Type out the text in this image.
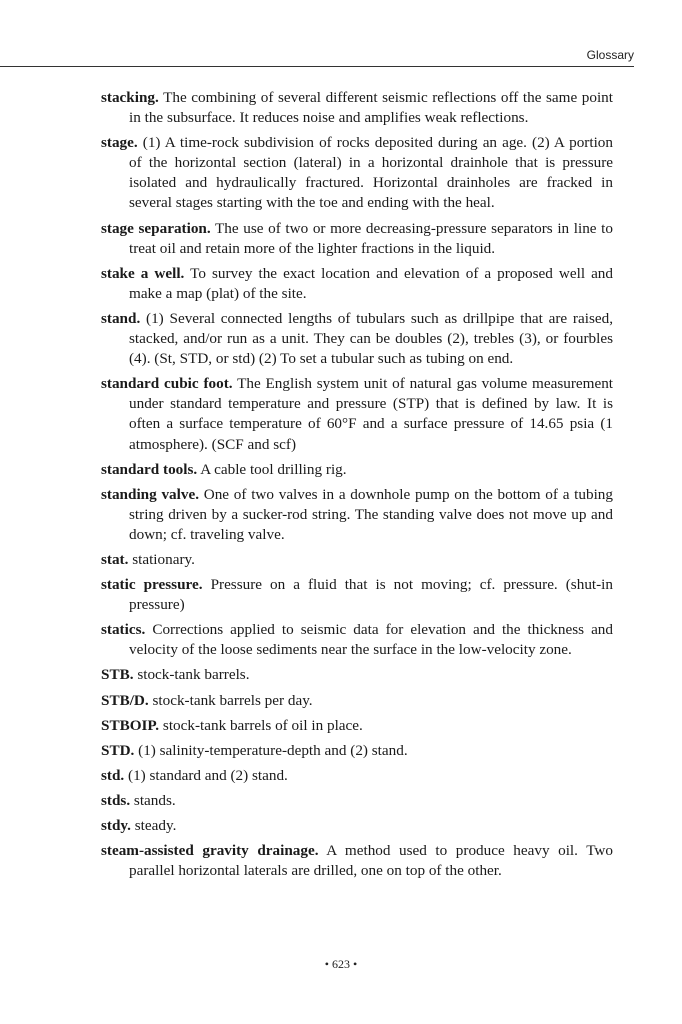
Glossary

stacking. The combining of several different seismic reflections off the same point in the subsurface. It reduces noise and amplifies weak reflections.

stage. (1) A time-rock subdivision of rocks deposited during an age. (2) A portion of the horizontal section (lateral) in a horizontal drainhole that is pressure isolated and hydraulically fractured. Horizontal drainholes are fracked in several stages starting with the toe and ending with the heal.

stage separation. The use of two or more decreasing-pressure separators in line to treat oil and retain more of the lighter fractions in the liquid.

stake a well. To survey the exact location and elevation of a proposed well and make a map (plat) of the site.

stand. (1) Several connected lengths of tubulars such as drillpipe that are raised, stacked, and/or run as a unit. They can be doubles (2), trebles (3), or fourbles (4). (St, STD, or std) (2) To set a tubular such as tubing on end.

standard cubic foot. The English system unit of natural gas volume measurement under standard temperature and pressure (STP) that is defined by law. It is often a surface temperature of 60°F and a surface pressure of 14.65 psia (1 atmosphere). (SCF and scf)

standard tools. A cable tool drilling rig.

standing valve. One of two valves in a downhole pump on the bottom of a tubing string driven by a sucker-rod string. The standing valve does not move up and down; cf. traveling valve.

stat. stationary.

static pressure. Pressure on a fluid that is not moving; cf. pressure. (shut-in pressure)

statics. Corrections applied to seismic data for elevation and the thickness and velocity of the loose sediments near the surface in the low-velocity zone.

STB. stock-tank barrels.

STB/D. stock-tank barrels per day.

STBOIP. stock-tank barrels of oil in place.

STD. (1) salinity-temperature-depth and (2) stand.

std. (1) standard and (2) stand.

stds. stands.

stdy. steady.

steam-assisted gravity drainage. A method used to produce heavy oil. Two parallel horizontal laterals are drilled, one on top of the other.

• 623 •
